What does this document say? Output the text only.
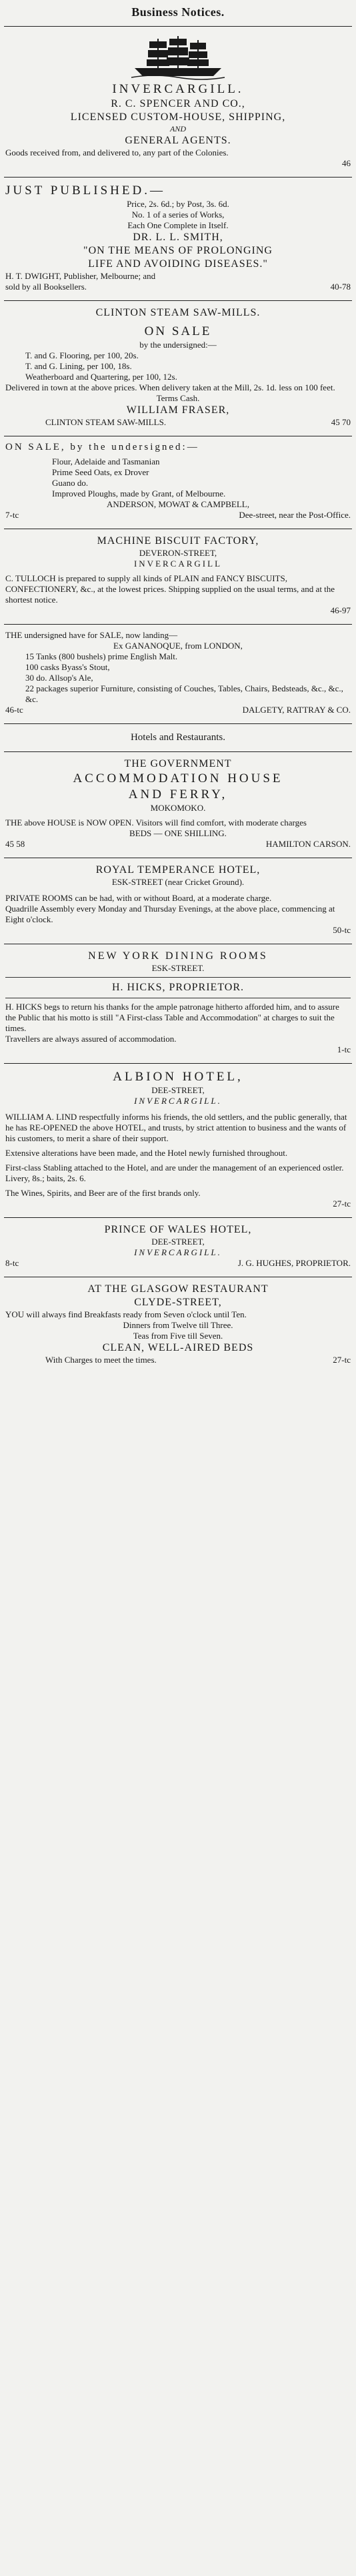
Business Notices.
INVERCARGILL.
R. C. SPENCER AND CO.,
LICENSED CUSTOM-HOUSE, SHIPPING,
AND
GENERAL AGENTS.
Goods received from, and delivered to, any part of the Colonies.
46
JUST PUBLISHED.—
Price, 2s. 6d.; by Post, 3s. 6d.
No. 1 of a series of Works,
Each One Complete in Itself.
DR. L. L. SMITH,
"ON THE MEANS OF PROLONGING
LIFE AND AVOIDING DISEASES."
H. T. DWIGHT, Publisher, Melbourne; and
sold by all Booksellers.	40-78
CLINTON STEAM SAW-MILLS.
ON SALE
by the undersigned:—
T. and G. Flooring, per 100, 20s.
T. and G. Lining, per 100, 18s.
Weatherboard and Quartering, per 100, 12s.
Delivered in town at the above prices. When delivery taken at the Mill, 2s. 1d. less on 100 feet.
Terms Cash.
WILLIAM FRASER,
CLINTON STEAM SAW-MILLS.	45 70
ON SALE, by the undersigned:—
Flour, Adelaide and Tasmanian
Prime Seed Oats, ex Drover
Guano do.
Improved Ploughs, made by Grant, of Melbourne.
ANDERSON, MOWAT & CAMPBELL,
7-tc	Dee-street, near the Post-Office.
MACHINE BISCUIT FACTORY,
DEVERON-STREET,
INVERCARGILL
C. TULLOCH is prepared to supply all kinds of PLAIN and FANCY BISCUITS, CONFECTIONERY, &c., at the lowest prices. Shipping supplied on the usual terms, and at the shortest notice.
46-97
THE undersigned have for SALE, now landing—
Ex GANANOQUE, from LONDON,
15 Tanks (800 bushels) prime English Malt.
100 casks Byass's Stout,
30 do. Allsop's Ale,
22 packages superior Furniture, consisting of Couches, Tables, Chairs, Bedsteads, &c., &c., &c.
46-tc	DALGETY, RATTRAY & CO.
Hotels and Restaurants.
THE GOVERNMENT
ACCOMMODATION HOUSE
AND FERRY,
MOKOMOKO.
THE above HOUSE is NOW OPEN. Visitors will find comfort, with moderate charges
BEDS — ONE SHILLING.
45 58	HAMILTON CARSON.
ROYAL TEMPERANCE HOTEL,
ESK-STREET (near Cricket Ground).
PRIVATE ROOMS can be had, with or without Board, at a moderate charge.
Quadrille Assembly every Monday and Thursday Evenings, at the above place, commencing at Eight o'clock.
50-tc
NEW YORK DINING ROOMS
ESK-STREET.
H. HICKS, PROPRIETOR.
H. HICKS begs to return his thanks for the ample patronage hitherto afforded him, and to assure the Public that his motto is still "A First-class Table and Accommodation" at charges to suit the times.
Travellers are always assured of accommodation.
1-tc
ALBION HOTEL,
DEE-STREET,
INVERCARGILL.
WILLIAM A. LIND respectfully informs his friends, the old settlers, and the public generally, that he has RE-OPENED the above HOTEL, and trusts, by strict attention to business and the wants of his customers, to merit a share of their support.
Extensive alterations have been made, and the Hotel newly furnished throughout.
First-class Stabling attached to the Hotel, and are under the management of an experienced ostler. Livery, 8s.; baits, 2s. 6.
The Wines, Spirits, and Beer are of the first brands only.
27-tc
PRINCE OF WALES HOTEL,
DEE-STREET,
INVERCARGILL.
8-tc	J. G. HUGHES, PROPRIETOR.
AT THE GLASGOW RESTAURANT
CLYDE-STREET,
YOU will always find Breakfasts ready from Seven o'clock until Ten.
Dinners from Twelve till Three.
Teas from Five till Seven.
CLEAN, WELL-AIRED BEDS
With Charges to meet the times.	27-tc
